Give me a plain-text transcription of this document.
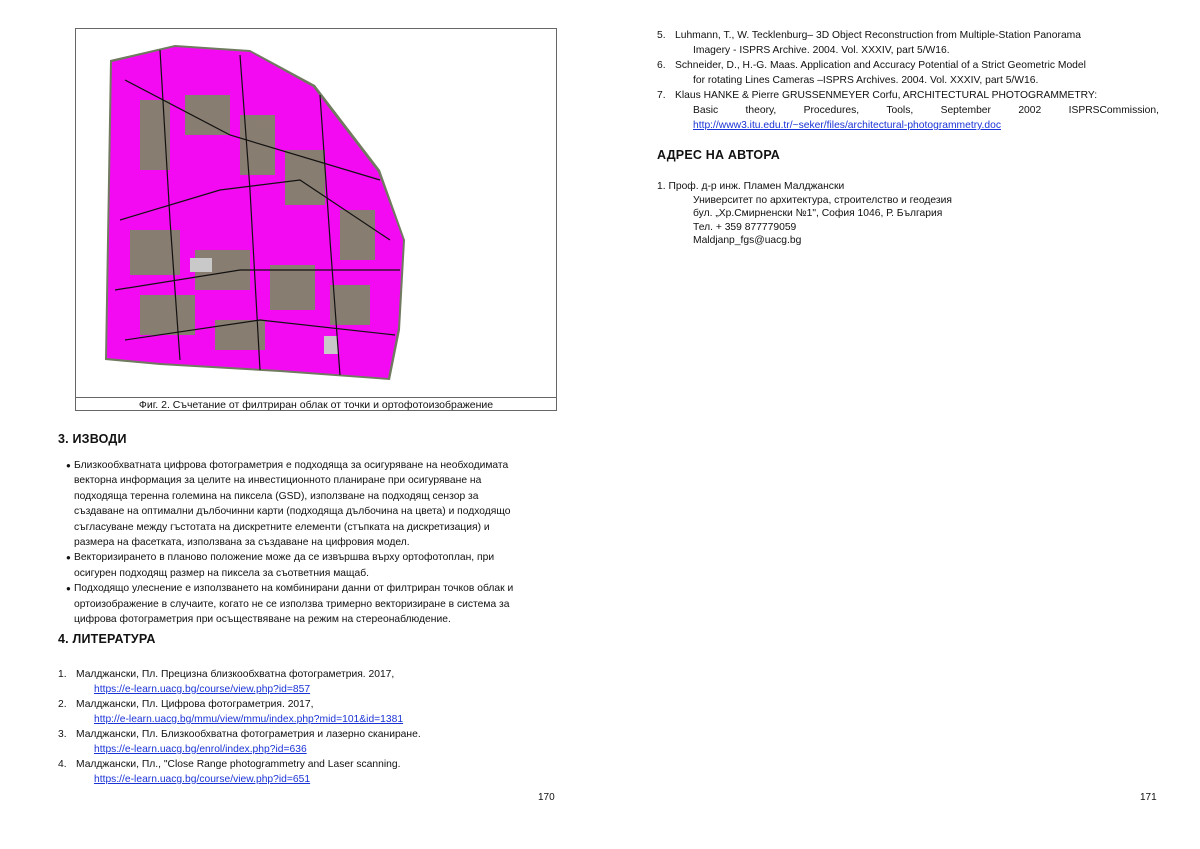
Фиг. 2. Съчетание от филтриран облак от точки и ортофотоизображение
3. ИЗВОДИ
● Близкообхватната цифрова фотограметрия е подходяща за осигуряване на необходимата
векторна информация за целите на инвестиционното планиране при осигуряване на
подходяща теренна големина на пиксела (GSD), използване на подходящ сензор за
създаване на оптимални дълбочинни карти (подходяща дълбочина на цвета) и подходящо
съгласуване между гъстотата на дискретните елементи (стъпката на дискретизация) и
размера на фасетката, използвана за създаване на цифровия модел.
● Векторизирането в планово положение може да се извършва върху ортофотоплан, при
осигурен подходящ размер на пиксела за съответния мащаб.
● Подходящо улеснение е използването на комбинирани данни от филтриран точков облак и
ортоизображение в случаите, когато не се използва тримерно векторизиране в система за
цифрова фотограметрия при осъществяване на режим на стереонаблюдение.
4. ЛИТЕРАТУРА
1. Малджански, Пл. Прецизна близкообхватна фотограметрия. 2017,
https://e-learn.uacg.bg/course/view.php?id=857
2. Малджански, Пл. Цифрова фотограметрия. 2017,
http://e-learn.uacg.bg/mmu/view/mmu/index.php?mid=101&id=1381
3. Малджански, Пл. Близкообхватна фотограметрия и лазерно сканиране.
https://e-learn.uacg.bg/enrol/index.php?id=636
4. Малджански, Пл., "Close Range photogrammetry and Laser scanning.
https://e-learn.uacg.bg/course/view.php?id=651
170
5. Luhmann, T., W. Tecklenburg– 3D Object Reconstruction from Multiple-Station Panorama
Imagery - ISPRS Archive. 2004. Vol. XXXIV, part 5/W16.
6. Schneider, D., H.-G. Maas. Application and Accuracy Potential of a Strict Geometric Model
for rotating Lines Cameras –ISPRS Archives. 2004. Vol. XXXIV, part 5/W16.
7. Klaus HANKE & Pierre GRUSSENMEYER Corfu, ARCHITECTURAL PHOTOGRAMMETRY:
Basic theory, Procedures, Tools, September 2002 ISPRSCommission,
http://www3.itu.edu.tr/~seker/files/architectural-photogrammetry.doc
АДРЕС НА АВТОРА
1. Проф. д-р инж. Пламен Малджански
Университет по архитектура, строителство и геодезия
бул. „Хр.Смирненски №1", София 1046, Р. България
Тел. + 359 877779059
Maldjanp_fgs@uacg.bg
171
